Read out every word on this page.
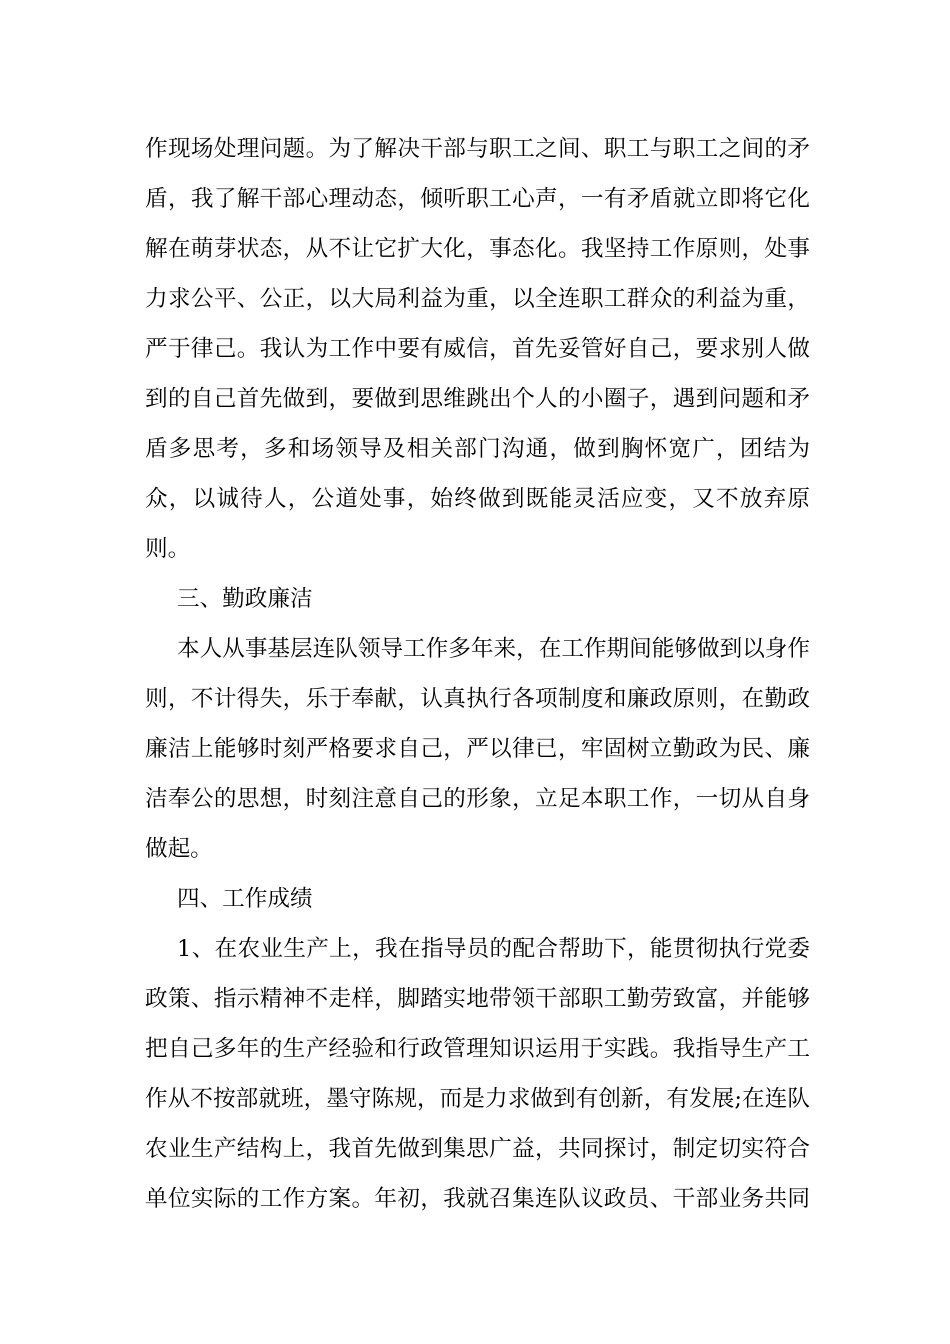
作现场处理问题。为了解决干部与职工之间、职工与职工之间的矛
盾，我了解干部心理动态，倾听职工心声，一有矛盾就立即将它化
解在萌芽状态，从不让它扩大化，事态化。我坚持工作原则，处事
力求公平、公正，以大局利益为重，以全连职工群众的利益为重，
严于律己。我认为工作中要有威信，首先妥管好自己，要求别人做
到的自己首先做到，要做到思维跳出个人的小圈子，遇到问题和矛
盾多思考，多和场领导及相关部门沟通，做到胸怀宽广，团结为
众，以诚待人，公道处事，始终做到既能灵活应变，又不放弃原
则。
三、勤政廉洁
本人从事基层连队领导工作多年来，在工作期间能够做到以身作
则，不计得失，乐于奉献，认真执行各项制度和廉政原则，在勤政
廉洁上能够时刻严格要求自己，严以律已，牢固树立勤政为民、廉
洁奉公的思想，时刻注意自己的形象，立足本职工作，一切从自身
做起。
四、工作成绩
1、在农业生产上，我在指导员的配合帮助下，能贯彻执行党委
政策、指示精神不走样，脚踏实地带领干部职工勤劳致富，并能够
把自己多年的生产经验和行政管理知识运用于实践。我指导生产工
作从不按部就班，墨守陈规，而是力求做到有创新，有发展;在连队
农业生产结构上，我首先做到集思广益，共同探讨，制定切实符合
单位实际的工作方案。年初，我就召集连队议政员、干部业务共同
